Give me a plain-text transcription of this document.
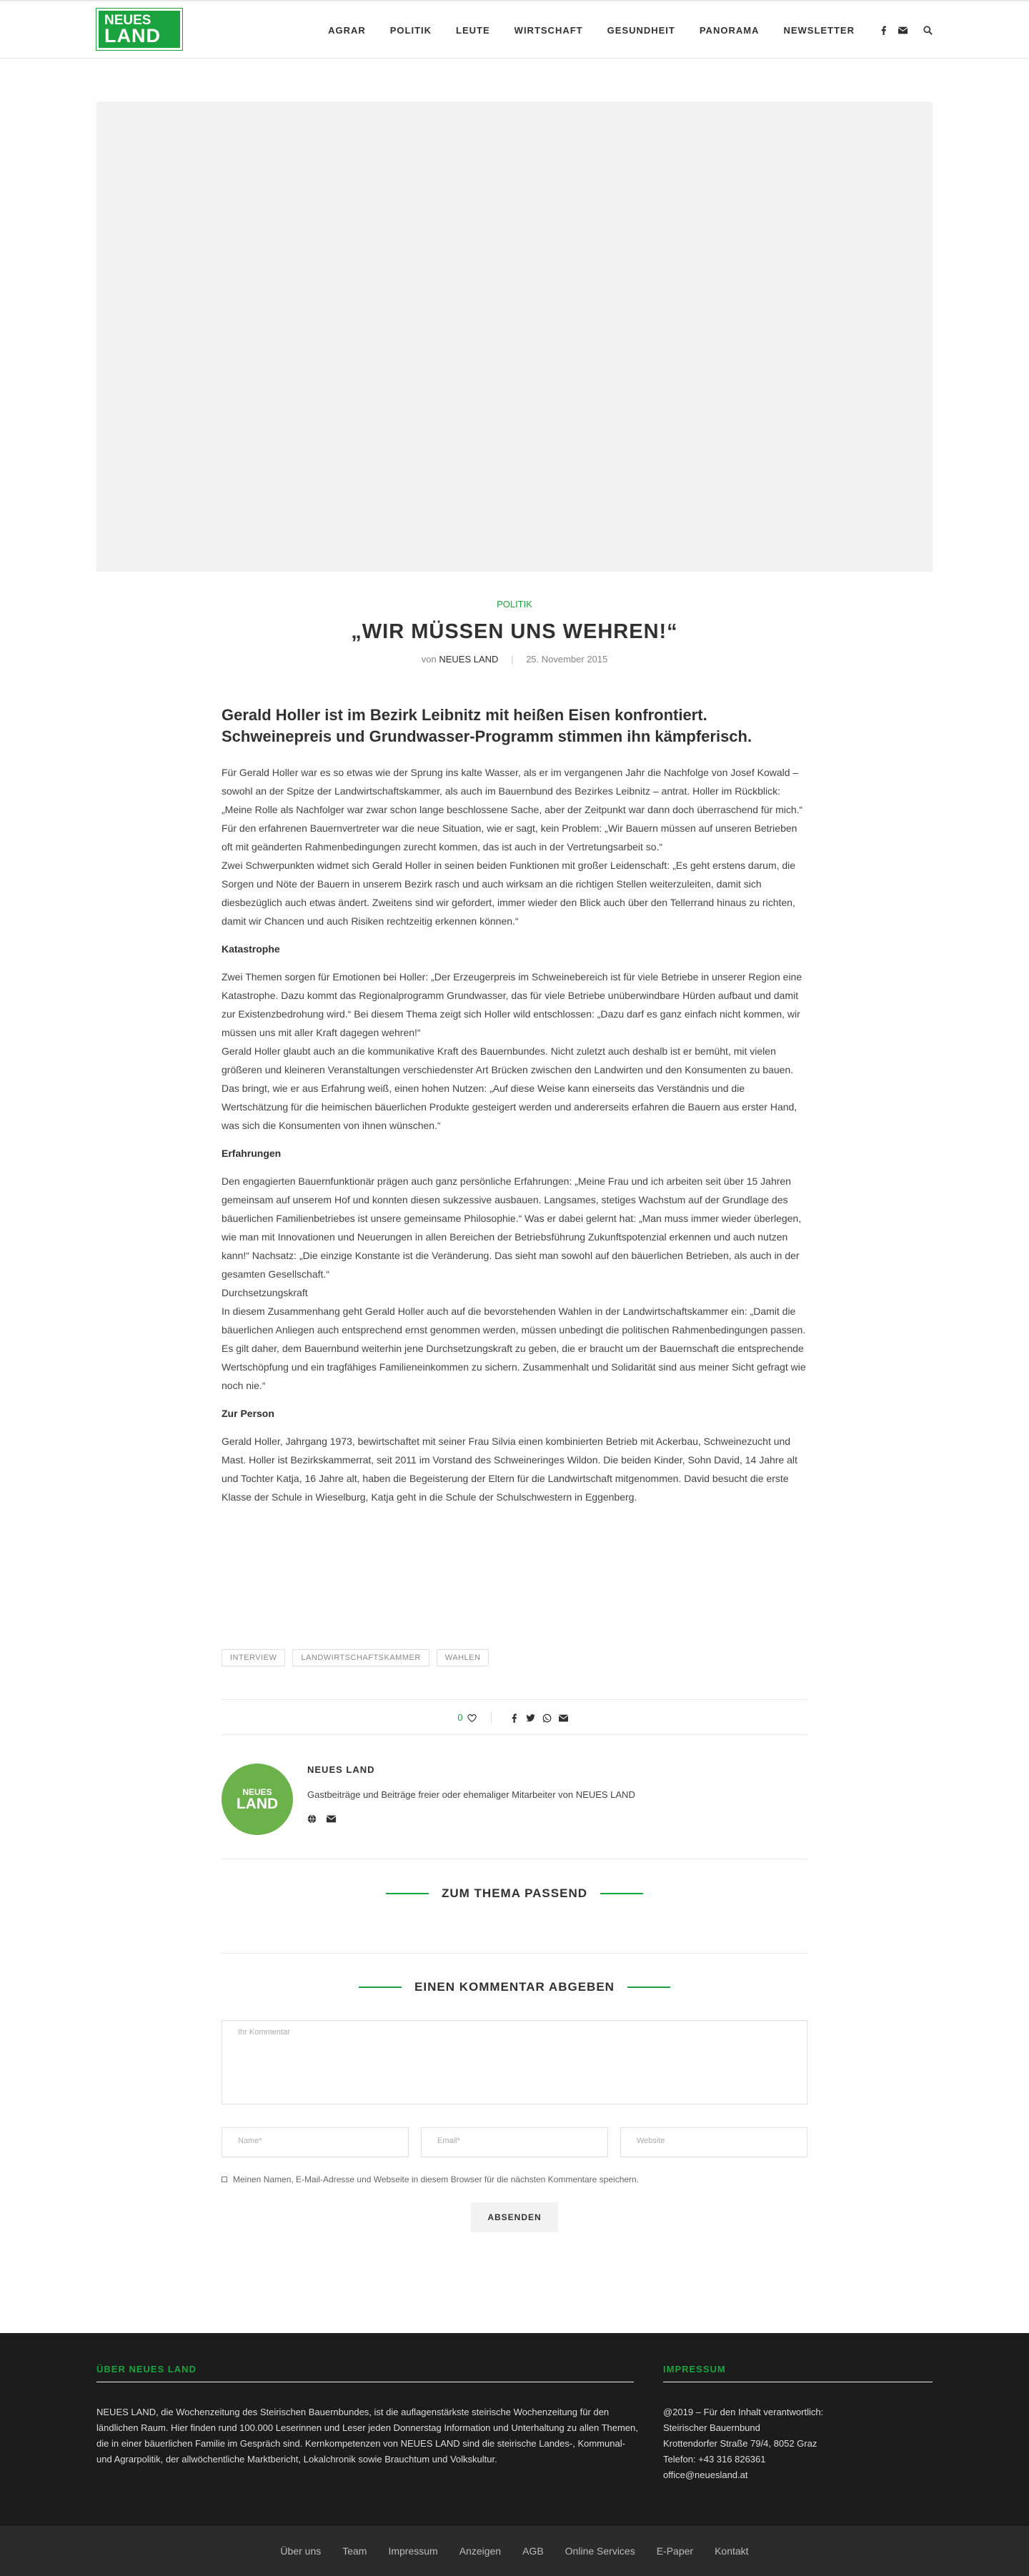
NEUES
LAND	AGRAR	POLITIK	LEUTE	WIRTSCHAFT	GESUNDHEIT	PANORAMA	NEWSLETTER
POLITIK
„WIR MÜSSEN UNS WEHREN!“
von NEUES LAND | 25. November 2015
Gerald Holler ist im Bezirk Leibnitz mit heißen Eisen konfrontiert. Schweinepreis und Grundwasser-Programm stimmen ihn kämpferisch.

Für Gerald Holler war es so etwas wie der Sprung ins kalte Wasser, als er im vergangenen Jahr die Nachfolge von Josef Kowald – sowohl an der Spitze der Landwirtschaftskammer, als auch im Bauernbund des Bezirkes Leibnitz – antrat. Holler im Rückblick: „Meine Rolle als Nachfolger war zwar schon lange beschlossene Sache, aber der Zeitpunkt war dann doch überraschend für mich.“ Für den erfahrenen Bauernvertreter war die neue Situation, wie er sagt, kein Problem: „Wir Bauern müssen auf unseren Betrieben oft mit geänderten Rahmenbedingungen zurecht kommen, das ist auch in der Vertretungsarbeit so.“

Zwei Schwerpunkten widmet sich Gerald Holler in seinen beiden Funktionen mit großer Leidenschaft: „Es geht erstens darum, die Sorgen und Nöte der Bauern in unserem Bezirk rasch und auch wirksam an die richtigen Stellen weiterzuleiten, damit sich diesbezüglich auch etwas ändert. Zweitens sind wir gefordert, immer wieder den Blick auch über den Tellerrand hinaus zu richten, damit wir Chancen und auch Risiken rechtzeitig erkennen können.“

Katastrophe

Zwei Themen sorgen für Emotionen bei Holler: „Der Erzeugerpreis im Schweinebereich ist für viele Betriebe in unserer Region eine Katastrophe. Dazu kommt das Regionalprogramm Grundwasser, das für viele Betriebe unüberwindbare Hürden aufbaut und damit zur Existenzbedrohung wird.“ Bei diesem Thema zeigt sich Holler wild entschlossen: „Dazu darf es ganz einfach nicht kommen, wir müssen uns mit aller Kraft dagegen wehren!“

Gerald Holler glaubt auch an die kommunikative Kraft des Bauernbundes. Nicht zuletzt auch deshalb ist er bemüht, mit vielen größeren und kleineren Veranstaltungen verschiedenster Art Brücken zwischen den Landwirten und den Konsumenten zu bauen. Das bringt, wie er aus Erfahrung weiß, einen hohen Nutzen: „Auf diese Weise kann einerseits das Verständnis und die Wertschätzung für die heimischen bäuerlichen Produkte gesteigert werden und andererseits erfahren die Bauern aus erster Hand, was sich die Konsumenten von ihnen wünschen.“

Erfahrungen

Den engagierten Bauernfunktionär prägen auch ganz persönliche Erfahrungen: „Meine Frau und ich arbeiten seit über 15 Jahren gemeinsam auf unserem Hof und konnten diesen sukzessive ausbauen. Langsames, stetiges Wachstum auf der Grundlage des bäuerlichen Familienbetriebes ist unsere gemeinsame Philosophie.“ Was er dabei gelernt hat: „Man muss immer wieder überlegen, wie man mit Innovationen und Neuerungen in allen Bereichen der Betriebsführung Zukunftspotenzial erkennen und auch nutzen kann!“ Nachsatz: „Die einzige Konstante ist die Veränderung. Das sieht man sowohl auf den bäuerlichen Betrieben, als auch in der gesamten Gesellschaft.“

Durchsetzungskraft

In diesem Zusammenhang geht Gerald Holler auch auf die bevorstehenden Wahlen in der Landwirtschaftskammer ein: „Damit die bäuerlichen Anliegen auch entsprechend ernst genommen werden, müssen unbedingt die politischen Rahmenbedingungen passen. Es gilt daher, dem Bauernbund weiterhin jene Durchsetzungskraft zu geben, die er braucht um der Bauernschaft die entsprechende Wertschöpfung und ein tragfähiges Familieneinkommen zu sichern. Zusammenhalt und Solidarität sind aus meiner Sicht gefragt wie noch nie.“

Zur Person

Gerald Holler, Jahrgang 1973, bewirtschaftet mit seiner Frau Silvia einen kombinierten Betrieb mit Ackerbau, Schweinezucht und Mast. Holler ist Bezirkskammerrat, seit 2011 im Vorstand des Schweineringes Wildon. Die beiden Kinder, Sohn David, 14 Jahre alt und Tochter Katja, 16 Jahre alt, haben die Begeisterung der Eltern für die Landwirtschaft mitgenommen. David besucht die erste Klasse der Schule in Wieselburg, Katja geht in die Schule der Schulschwestern in Eggenberg.

INTERVIEW	LANDWIRTSCHAFTSKAMMER	WAHLEN
0
NEUES
LAND
NEUES LAND
Gastbeiträge und Beiträge freier oder ehemaliger Mitarbeiter von NEUES LAND
ZUM THEMA PASSEND
EINEN KOMMENTAR ABGEBEN
Ihr Kommentar
Name*	Email*	Website
Meinen Namen, E-Mail-Adresse und Webseite in diesem Browser für die nächsten Kommentare speichern.
ABSENDEN
ÜBER NEUES LAND
NEUES LAND, die Wochenzeitung des Steirischen Bauernbundes, ist die auflagenstärkste steirische Wochenzeitung für den ländlichen Raum. Hier finden rund 100.000 Leserinnen und Leser jeden Donnerstag Information und Unterhaltung zu allen Themen, die in einer bäuerlichen Familie im Gespräch sind. Kernkompetenzen von NEUES LAND sind die steirische Landes-, Kommunal- und Agrarpolitik, der allwöchentliche Marktbericht, Lokalchronik sowie Brauchtum und Volkskultur.
IMPRESSUM
@2019 – Für den Inhalt verantwortlich:
Steirischer Bauernbund
Krottendorfer Straße 79/4, 8052 Graz
Telefon: +43 316 826361
office@neuesland.at
Über uns Team Impressum Anzeigen AGB Online Services E-Paper Kontakt
